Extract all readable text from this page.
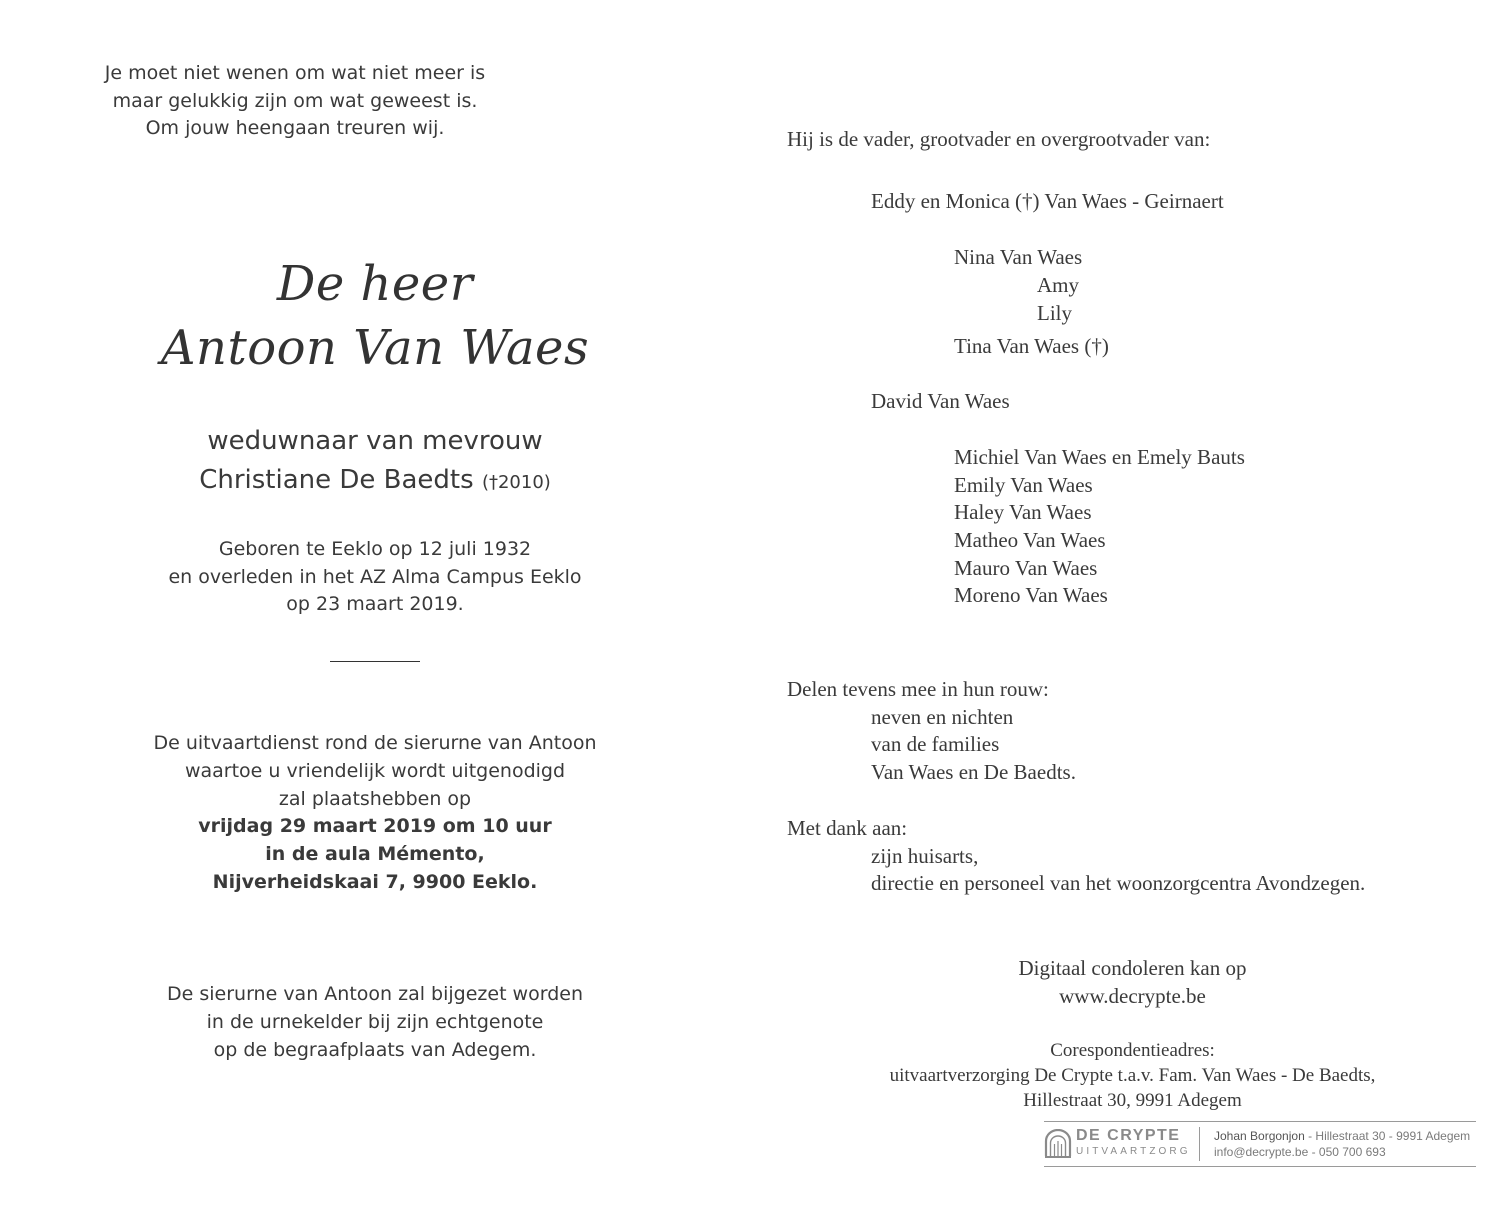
Je moet niet wenen om wat niet meer is
maar gelukkig zijn om wat geweest is.
Om jouw heengaan treuren wij.
De heer
Antoon Van Waes
weduwnaar van mevrouw
Christiane De Baedts (†2010)
Geboren te Eeklo op 12 juli 1932
en overleden in het AZ Alma Campus Eeklo
op 23 maart 2019.
De uitvaartdienst rond de sierurne van Antoon
waartoe u vriendelijk wordt uitgenodigd
zal plaatshebben op
vrijdag 29 maart 2019 om 10 uur
in de aula Mémento,
Nijverheidskaai 7, 9900 Eeklo.
De sierurne van Antoon zal bijgezet worden
in de urnekelder bij zijn echtgenote
op de begraafplaats van Adegem.
Hij is de vader, grootvader en overgrootvader van:
Eddy en Monica (†) Van Waes - Geirnaert
Nina Van Waes
Amy
Lily
Tina Van Waes (†)
David Van Waes
Michiel Van Waes en Emely Bauts
Emily Van Waes
Haley Van Waes
Matheo Van Waes
Mauro Van Waes
Moreno Van Waes
Delen tevens mee in hun rouw:
neven en nichten
van de families
Van Waes en De Baedts.
Met dank aan:
zijn huisarts,
directie en personeel van het woonzorgcentra Avondzegen.
Digitaal condoleren kan op
www.decrypte.be
Corespondentieadres:
uitvaartverzorging De Crypte t.a.v. Fam. Van Waes - De Baedts,
Hillestraat 30, 9991 Adegem
DE CRYPTE
UITVAARTZORG
Johan Borgonjon - Hillestraat 30 - 9991 Adegem
info@decrypte.be - 050 700 693
